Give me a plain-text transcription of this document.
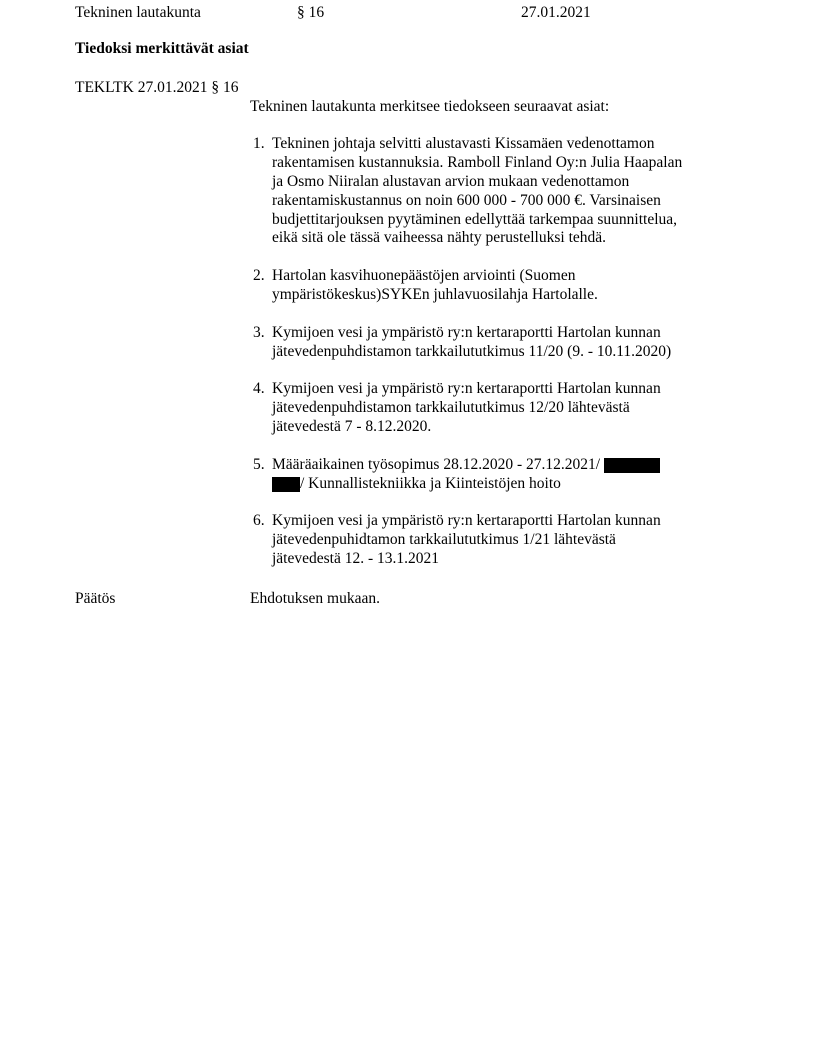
Tekninen lautakunta	§ 16	27.01.2021
Tiedoksi merkittävät asiat
TEKLTK 27.01.2021 § 16
Tekninen lautakunta merkitsee tiedokseen seuraavat asiat:
1. Tekninen johtaja selvitti alustavasti Kissamäen vedenottamon rakentamisen kustannuksia. Ramboll Finland Oy:n Julia Haapalan ja Osmo Niiralan alustavan arvion mukaan vedenottamon rakentamiskustannus on noin 600 000 - 700 000 €. Varsinaisen budjettitarjouksen pyytäminen edellyttää tarkempaa suunnittelua, eikä sitä ole tässä vaiheessa nähty perustelluksi tehdä.
2. Hartolan kasvihuonepäästöjen arviointi (Suomen ympäristökeskus)SYKEn juhlavuosilahja Hartolalle.
3. Kymijoen vesi ja ympäristö ry:n kertaraportti Hartolan kunnan jätevedenpuhdistamon tarkkailututkimus 11/20 (9. - 10.11.2020)
4. Kymijoen vesi ja ympäristö ry:n kertaraportti Hartolan kunnan jätevedenpuhdistamon tarkkailututkimus 12/20 lähtevästä jätevedestä 7 - 8.12.2020.
5. Määräaikainen työsopimus 28.12.2020 - 27.12.2021/
/ Kunnallistekniikka ja Kiinteistöjen hoito
6. Kymijoen vesi ja ympäristö ry:n kertaraportti Hartolan kunnan jätevedenpuhidtamon tarkkailututkimus 1/21 lähtevästä jätevedestä 12. - 13.1.2021
Päätös	Ehdotuksen mukaan.
